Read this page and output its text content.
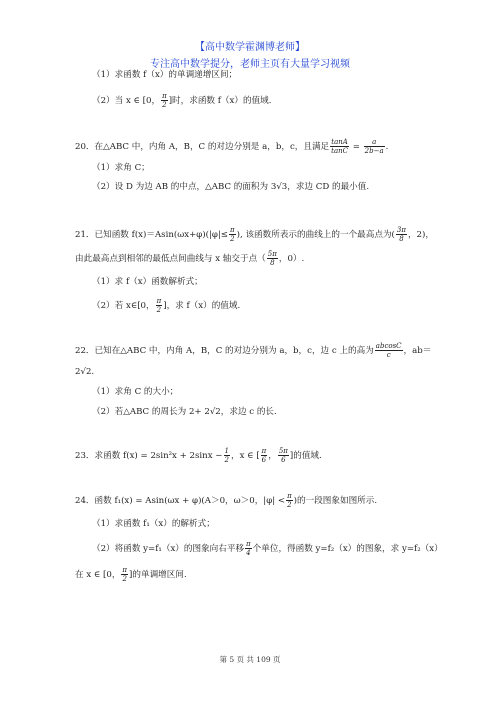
【高中数学霍渊博老师】
专注高中数学提分，老师主页有大量学习视频
（1）求函数 f（x）的单调递增区间；
（2）当 x ∈ [0， $\frac{\pi}{2}$ ]时，求函数 f（x）的值域.
20．在△ABC 中，内角 A，B，C 的对边分别是 a，b，c，且满足 $\frac{\tan A}{\tan C} = \frac{a}{2b-a}$ .
（1）求角 C；
（2）设 D 为边 AB 的中点，△ABC 的面积为 3√3，求边 CD 的最小值.
21．已知函数 $f(x)=Asin(\omega x+\varphi)(|\varphi|\le \frac{\pi}{2}$ ), 该函数所表示的曲线上的一个最高点为( $\frac{3\pi}{8}$ ，2)，
由此最高点到相邻的最低点间曲线与 x 轴交于点（ $\frac{5\pi}{8}$ ，0）.
（1）求 f（x）函数解析式；
（2）若 x∈[0， $\frac{\pi}{2}$ ]，求 f（x）的值域.
22．已知在△ABC 中，内角 A，B，C 的对边分别为 a，b，c，边 c 上的高为 $\frac{abcosC}{c}$ ，ab＝
2√2.
（1）求角 C 的大小；
（2）若△ABC 的周长为 2+ 2√2，求边 c 的长.
23．求函数 $f(x) = 2\sin^2x + 2\sin x - \frac{1}{2}$ ，x ∈ [ $\frac{\pi}{6}$ ， $\frac{5\pi}{6}$ ]的值域.
24．函数 f₁(x) = Asin(ωx + φ)(A＞0，ω＞0，$|\varphi| < \frac{\pi}{2}$ )的一段图象如图所示.
（1）求函数 f₁（x）的解析式；
（2）将函数 y=f₁（x）的图象向右平移 $\frac{\pi}{4}$ 个单位，得函数 y=f₂（x）的图象，求 y=f₂（x）
在 x ∈ [0， $\frac{\pi}{2}$ ]的单调增区间.
第 5 页 共 109 页
